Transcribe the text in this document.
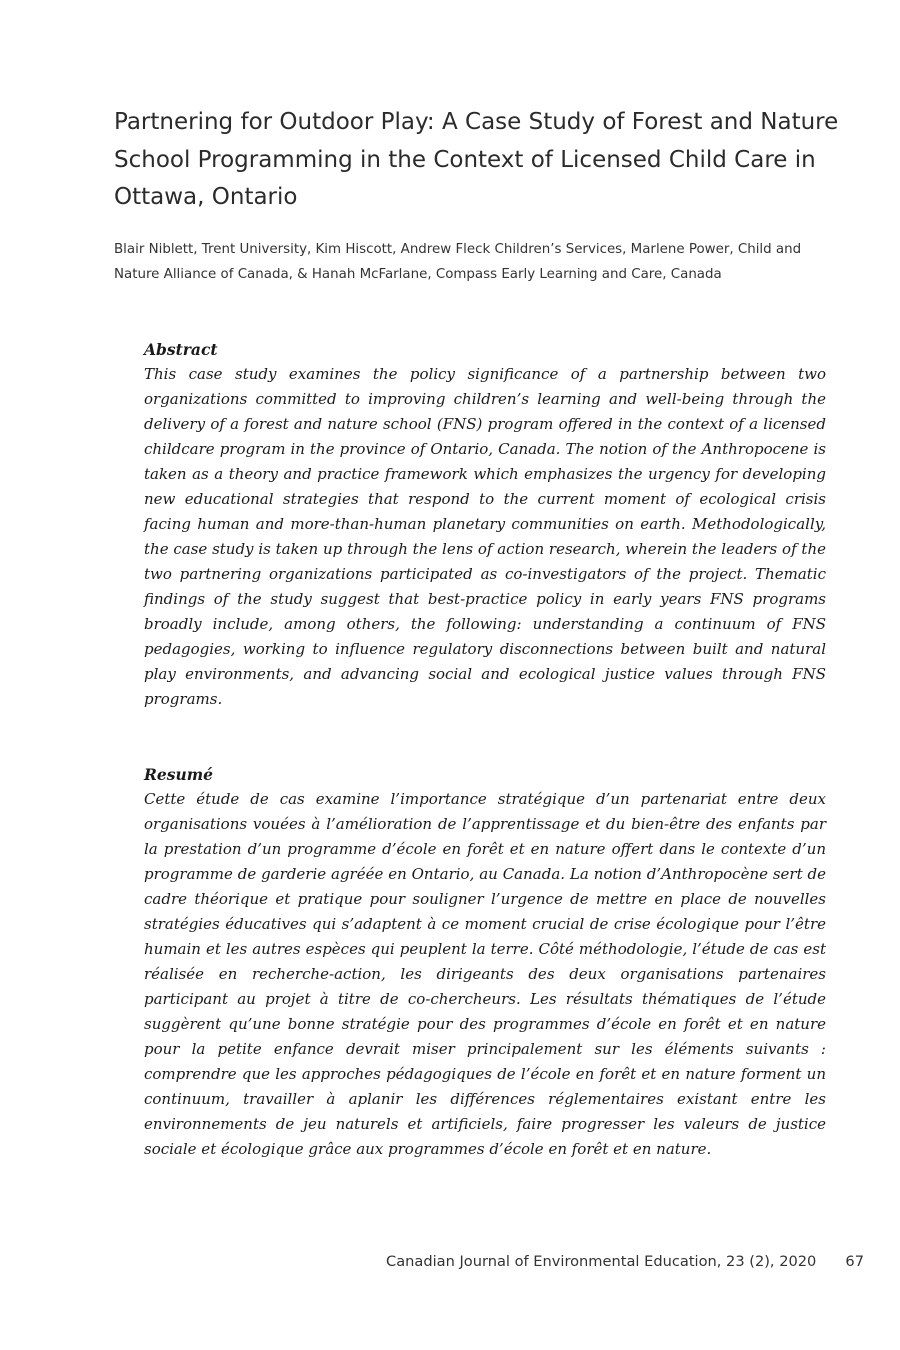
Partnering for Outdoor Play: A Case Study of Forest and Nature School Programming in the Context of Licensed Child Care in Ottawa, Ontario

Blair Niblett, Trent University, Kim Hiscott, Andrew Fleck Children’s Services, Marlene Power, Child and Nature Alliance of Canada, & Hanah McFarlane, Compass Early Learning and Care, Canada

Abstract

This case study examines the policy significance of a partnership between two organizations committed to improving children’s learning and well-being through the delivery of a forest and nature school (FNS) program offered in the context of a licensed childcare program in the province of Ontario, Canada. The notion of the Anthropocene is taken as a theory and practice framework which emphasizes the urgency for developing new educational strategies that respond to the current moment of ecological crisis facing human and more-than-human planetary communities on earth. Methodologically, the case study is taken up through the lens of action research, wherein the leaders of the two partnering organizations participated as co-investigators of the project. Thematic findings of the study suggest that best-practice policy in early years FNS programs broadly include, among others, the following: understanding a continuum of FNS pedagogies, working to influence regulatory disconnections between built and natural play environments, and advancing social and ecological justice values through FNS programs.

Resumé

Cette étude de cas examine l’importance stratégique d’un partenariat entre deux organisations vouées à l’amélioration de l’apprentissage et du bien-être des enfants par la prestation d’un programme d’école en forêt et en nature offert dans le contexte d’un programme de garderie agréée en Ontario, au Canada. La notion d’Anthropocène sert de cadre théorique et pratique pour souligner l’urgence de mettre en place de nouvelles stratégies éducatives qui s’adaptent à ce moment crucial de crise écologique pour l’être humain et les autres espèces qui peuplent la terre. Côté méthodologie, l’étude de cas est réalisée en recherche-action, les dirigeants des deux organisations partenaires participant au projet à titre de co-chercheurs. Les résultats thématiques de l’étude suggèrent qu’une bonne stratégie pour des programmes d’école en forêt et en nature pour la petite enfance devrait miser principalement sur les éléments suivants : comprendre que les approches pédagogiques de l’école en forêt et en nature forment un continuum, travailler à aplanir les différences réglementaires existant entre les environnements de jeu naturels et artificiels, faire progresser les valeurs de justice sociale et écologique grâce aux programmes d’école en forêt et en nature.

Canadian Journal of Environmental Education, 23 (2), 2020 67
